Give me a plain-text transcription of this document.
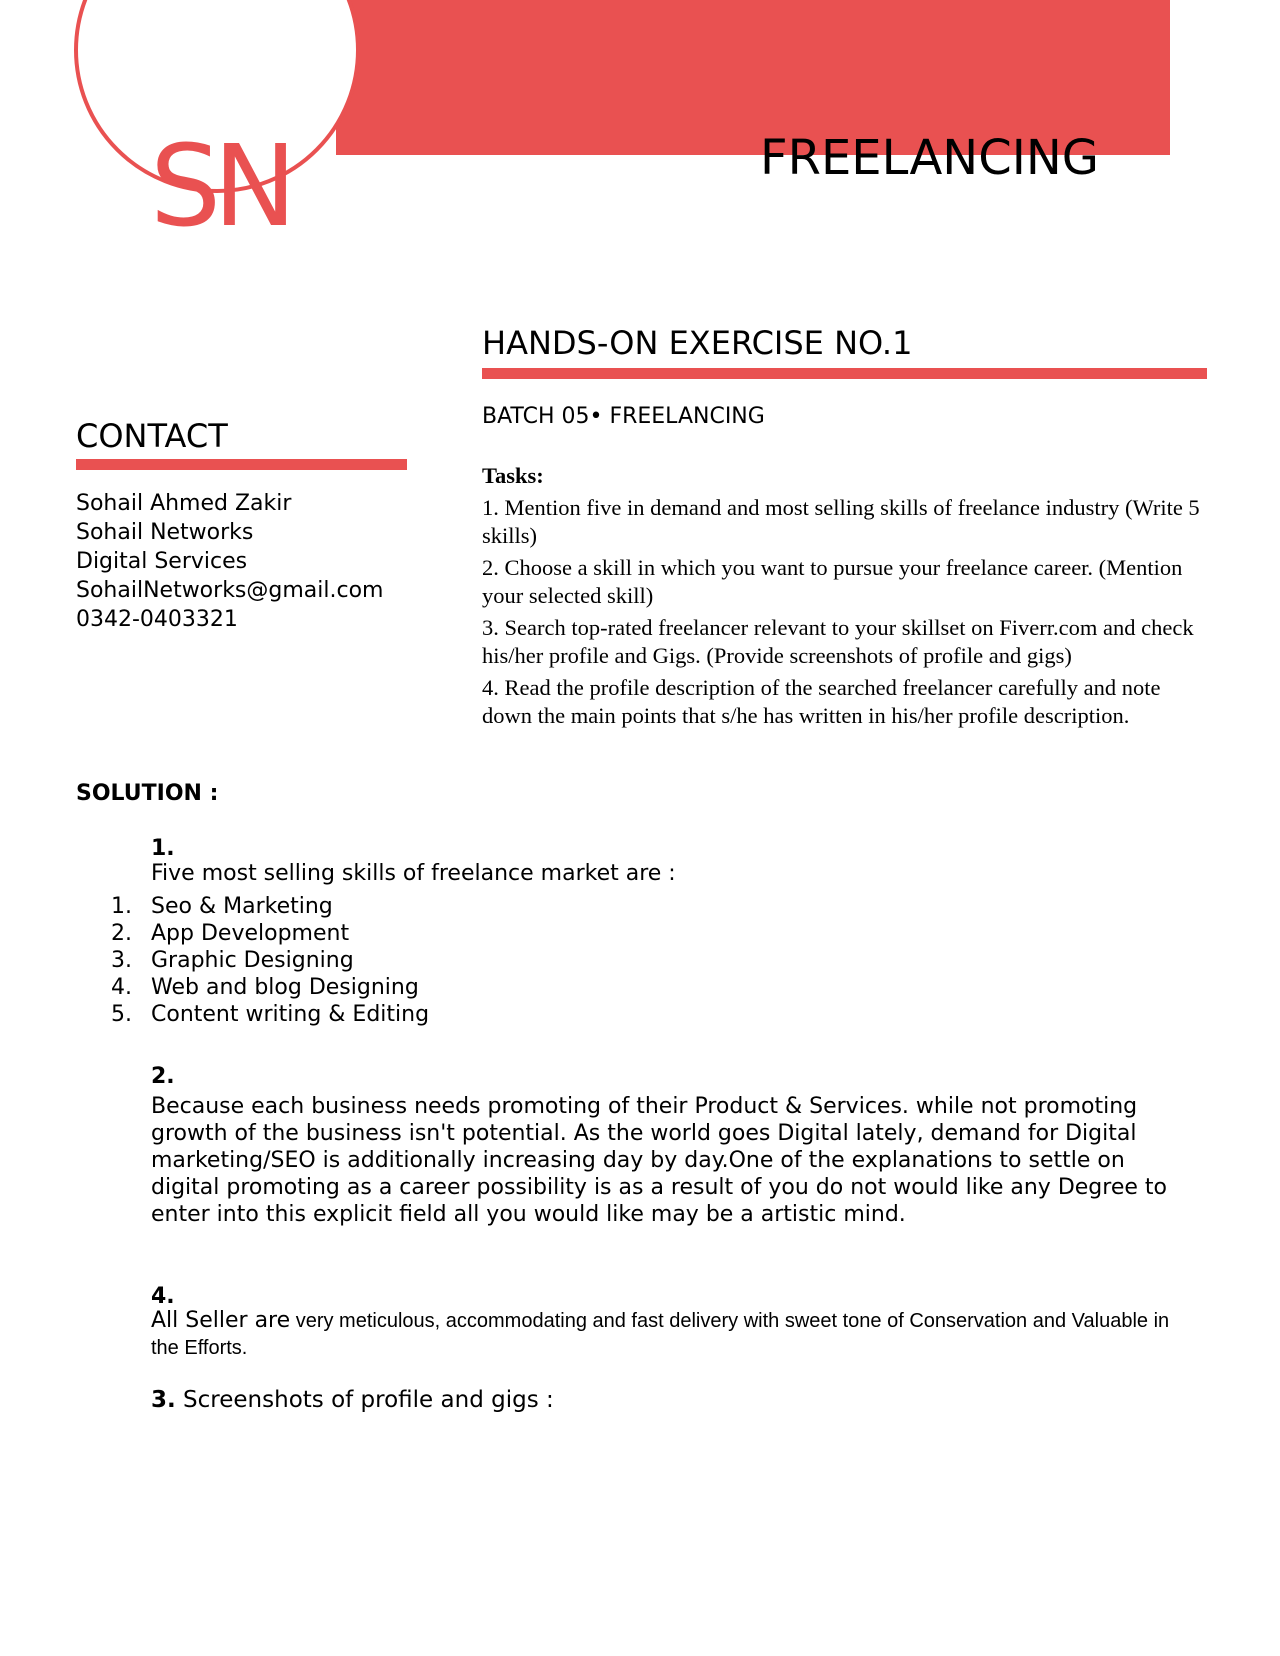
SN	FREELANCING
HANDS-ON EXERCISE NO.1
BATCH 05• FREELANCING
CONTACT
Sohail Ahmed Zakir
Sohail Networks
Digital Services
SohailNetworks@gmail.com
0342-0403321
Tasks:
1. Mention five in demand and most selling skills of freelance industry (Write 5 skills)
2. Choose a skill in which you want to pursue your freelance career. (Mention your selected skill)
3. Search top-rated freelancer relevant to your skillset on Fiverr.com and check his/her profile and Gigs. (Provide screenshots of profile and gigs)
4. Read the profile description of the searched freelancer carefully and note down the main points that s/he has written in his/her profile description.
SOLUTION :
1.
Five most selling skills of freelance market are :
1. Seo & Marketing
2. App Development
3. Graphic Designing
4. Web and blog Designing
5. Content writing & Editing
2.
Because each business needs promoting of their Product & Services. while not promoting growth of the business isn't potential. As the world goes Digital lately, demand for Digital marketing/SEO is additionally increasing day by day.One of the explanations to settle on digital promoting as a career possibility is as a result of you do not would like any Degree to enter into this explicit field all you would like may be a artistic mind.
4.
All Seller are very meticulous, accommodating and fast delivery with sweet tone of Conservation and Valuable in the Efforts.
3. Screenshots of profile and gigs :
